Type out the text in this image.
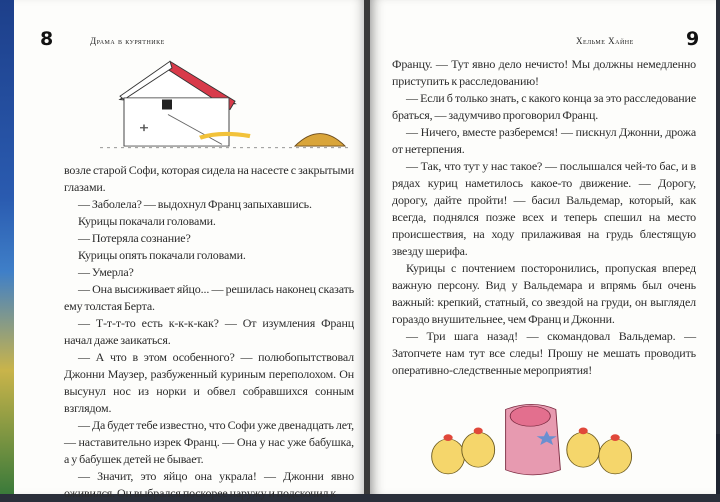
8	Драма в курятнике

возле старой Софи, которая сидела на насесте с закрытыми глазами.

— Заболела? — выдохнул Франц запыхавшись.

Курицы покачали головами.

— Потеряла сознание?

Курицы опять покачали головами.

— Умерла?

— Она высиживает яйцо... — решилась наконец сказать ему толстая Берта.

— Т-т-т-то есть к-к-к-как? — От изумления Франц начал даже заикаться.

— А что в этом особенного? — полюбопытствовал Джонни Маузер, разбуженный куриным переполохом. Он высунул нос из норки и обвел собравшихся сонным взглядом.

— Да будет тебе известно, что Софи уже двенадцать лет, — наставительно изрек Франц. — Она у нас уже бабушка, а у бабушек детей не бывает.

— Значит, это яйцо она украла! — Джонни явно оживился. Он выбрался поскорее наружу и подскочил к

Хельме Хайне	9

Францу. — Тут явно дело нечисто! Мы должны немедленно приступить к расследованию!

— Если б только знать, с какого конца за это расследование браться, — задумчиво проговорил Франц.

— Ничего, вместе разберемся! — пискнул Джонни, дрожа от нетерпения.

— Так, что тут у нас такое? — послышался чей-то бас, и в рядах куриц наметилось какое-то движение. — Дорогу, дорогу, дайте пройти! — басил Вальдемар, который, как всегда, поднялся позже всех и теперь спешил на место происшествия, на ходу прилаживая на грудь блестящую звезду шерифа.

Курицы с почтением посторонились, пропуская вперед важную персону. Вид у Вальдемара и впрямь был очень важный: крепкий, статный, со звездой на груди, он выглядел гораздо внушительнее, чем Франц и Джонни.

— Три шага назад! — скомандовал Вальдемар. — Затопчете нам тут все следы! Прошу не мешать проводить оперативно-следственные мероприятия!
